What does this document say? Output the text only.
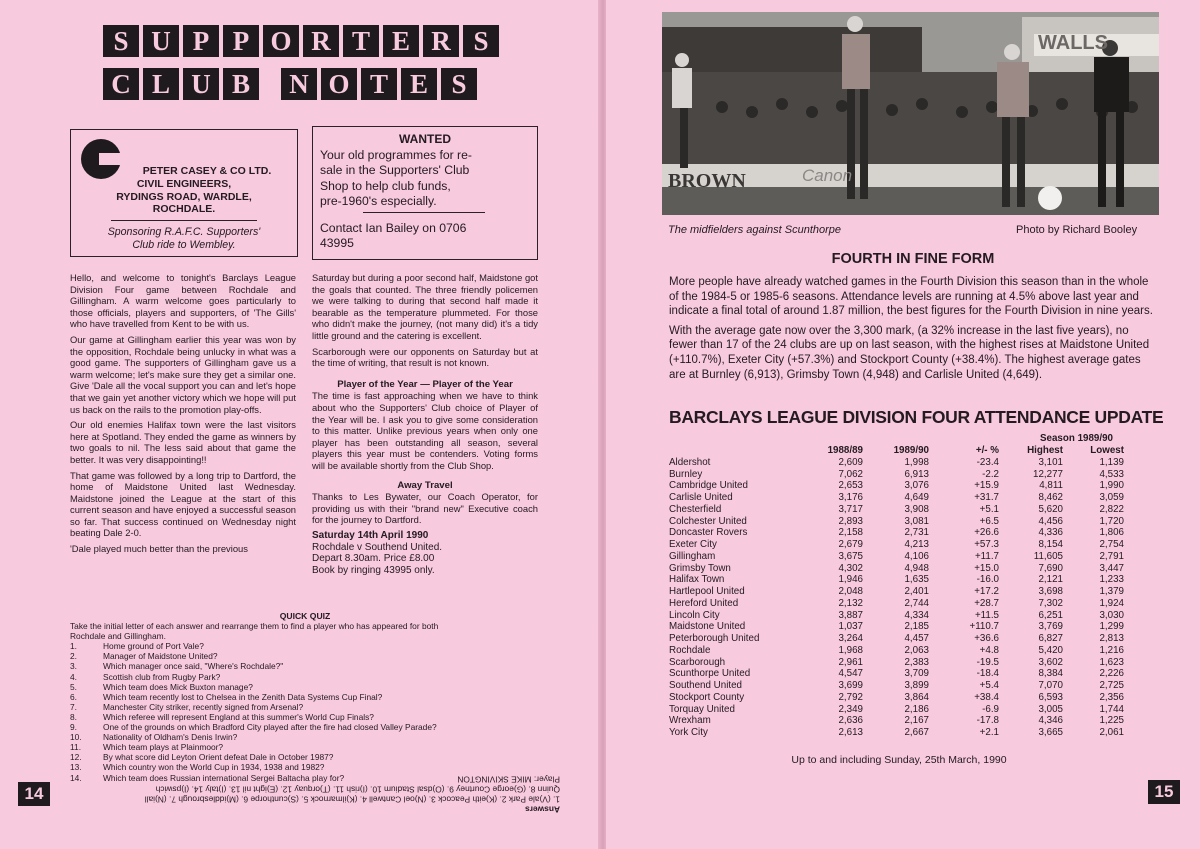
S U P P O R T E R S
C L U B	N O T E S
PETER CASEY & CO LTD.
CIVIL ENGINEERS,
RYDINGS ROAD, WARDLE,
ROCHDALE.
Sponsoring R.A.F.C. Supporters'
Club ride to Wembley.
WANTED
Your old programmes for re-
sale in the Supporters' Club
Shop to help club funds,
pre-1960's especially.
Contact Ian Bailey on 0706
43995

Hello, and welcome to tonight's Barclays League Division Four game between Rochdale and Gillingham. A warm welcome goes particularly to those officials, players and supporters, of 'The Gills' who have travelled from Kent to be with us.

Our game at Gillingham earlier this year was won by the opposition, Rochdale being unlucky in what was a good game. The supporters of Gillingham gave us a warm welcome; let's make sure they get a similar one. Give 'Dale all the vocal support you can and let's hope that we gain yet another victory which we hope will put us back on the rails to the promotion play-offs.

Our old enemies Halifax town were the last visitors here at Spotland. They ended the game as winners by two goals to nil. The less said about that game the better. It was very disappointing!!

That game was followed by a long trip to Dartford, the home of Maidstone United last Wednesday. Maidstone joined the League at the start of this current season and have enjoyed a successful season so far. That success continued on Wednesday night beating Dale 2-0.

'Dale played much better than the previous

Saturday but during a poor second half, Maidstone got the goals that counted. The three friendly policemen we were talking to during that second half made it bearable as the temperature plummeted. For those who didn't make the journey, (not many did) it's a tidy little ground and the catering is excellent.

Scarborough were our opponents on Saturday but at the time of writing, that result is not known.

Player of the Year — Player of the Year

The time is fast approaching when we have to think about who the Supporters' Club choice of Player of the Year will be. I ask you to give some consideration to this matter. Unlike previous years when only one player has been outstanding all season, several players this year must be contenders. Voting forms will be available shortly from the Club Shop.

Away Travel

Thanks to Les Bywater, our Coach Operator, for providing us with their "brand new" Executive coach for the journey to Dartford.

Saturday 14th April 1990
Rochdale v Southend United.
Depart 8.30am. Price £8.00
Book by ringing 43995 only.
QUICK QUIZ
Take the initial letter of each answer and rearrange them to find a player who has appeared for both
Rochdale and Gillingham.
1.	Home ground of Port Vale?
2.	Manager of Maidstone United?
3.	Which manager once said, "Where's Rochdale?"
4.	Scottish club from Rugby Park?
5.	Which team does Mick Buxton manage?
6.	Which team recently lost to Chelsea in the Zenith Data Systems Cup Final?
7.	Manchester City striker, recently signed from Arsenal?
8.	Which referee will represent England at this summer's World Cup Finals?
9.	One of the grounds on which Bradford City played after the fire had closed Valley Parade?
10.	Nationality of Oldham's Denis Irwin?
11.	Which team plays at Plainmoor?
12.	By what score did Leyton Orient defeat Dale in October 1987?
13.	Which country won the World Cup in 1934, 1938 and 1982?
14.	Which team does Russian international Sergei Baltacha play for?
Answers
1. (V)ale Park 2. (K)eith Peacock 3. (N)oel Cantwell 4. (K)ilmarnock 5. (S)cunthorpe 6. (M)iddlesbrough 7. (N)iall
Quinn 8. (G)eorge Courtney 9. (O)dsal Stadium 10. (I)rish 11. (T)orquay 12. (E)ight nil 13. (I)taly 14. (I)pswich
Player: MIKE SKIVINGTON
14
BROWN	Canon
WALLS
The midfielders against Scunthorpe	Photo by Richard Booley
FOURTH IN FINE FORM

More people have already watched games in the Fourth Division this season than in the whole of the 1984-5 or 1985-6 seasons. Attendance levels are running at 4.5% above last year and indicate a final total of around 1.87 million, the best figures for the Fourth Division in nine years.

With the average gate now over the 3,300 mark, (a 32% increase in the last five years), no fewer than 17 of the 24 clubs are up on last season, with the highest rises at Maidstone United (+110.7%), Exeter City (+57.3%) and Stockport County (+38.4%). The highest average gates are at Burnley (6,913), Grimsby Town (4,948) and Carlisle United (4,649).

BARCLAYS LEAGUE DIVISION FOUR ATTENDANCE UPDATE
Season 1989/90
	1988/89	1989/90	+/- %	Highest	Lowest
Aldershot	2,609	1,998	-23.4	3,101	1,139
Burnley	7,062	6,913	-2.2	12,277	4,533
Cambridge United	2,653	3,076	+15.9	4,811	1,990
Carlisle United	3,176	4,649	+31.7	8,462	3,059
Chesterfield	3,717	3,908	+5.1	5,620	2,822
Colchester United	2,893	3,081	+6.5	4,456	1,720
Doncaster Rovers	2,158	2,731	+26.6	4,336	1,806
Exeter City	2,679	4,213	+57.3	8,154	2,754
Gillingham	3,675	4,106	+11.7	11,605	2,791
Grimsby Town	4,302	4,948	+15.0	7,690	3,447
Halifax Town	1,946	1,635	-16.0	2,121	1,233
Hartlepool United	2,048	2,401	+17.2	3,698	1,379
Hereford United	2,132	2,744	+28.7	7,302	1,924
Lincoln City	3,887	4,334	+11.5	6,251	3,030
Maidstone United	1,037	2,185	+110.7	3,769	1,299
Peterborough United	3,264	4,457	+36.6	6,827	2,813
Rochdale	1,968	2,063	+4.8	5,420	1,216
Scarborough	2,961	2,383	-19.5	3,602	1,623
Scunthorpe United	4,547	3,709	-18.4	8,384	2,226
Southend United	3,699	3,899	+5.4	7,070	2,725
Stockport County	2,792	3,864	+38.4	6,593	2,356
Torquay United	2,349	2,186	-6.9	3,005	1,744
Wrexham	2,636	2,167	-17.8	4,346	1,225
York City	2,613	2,667	+2.1	3,665	2,061
Up to and including Sunday, 25th March, 1990
15
